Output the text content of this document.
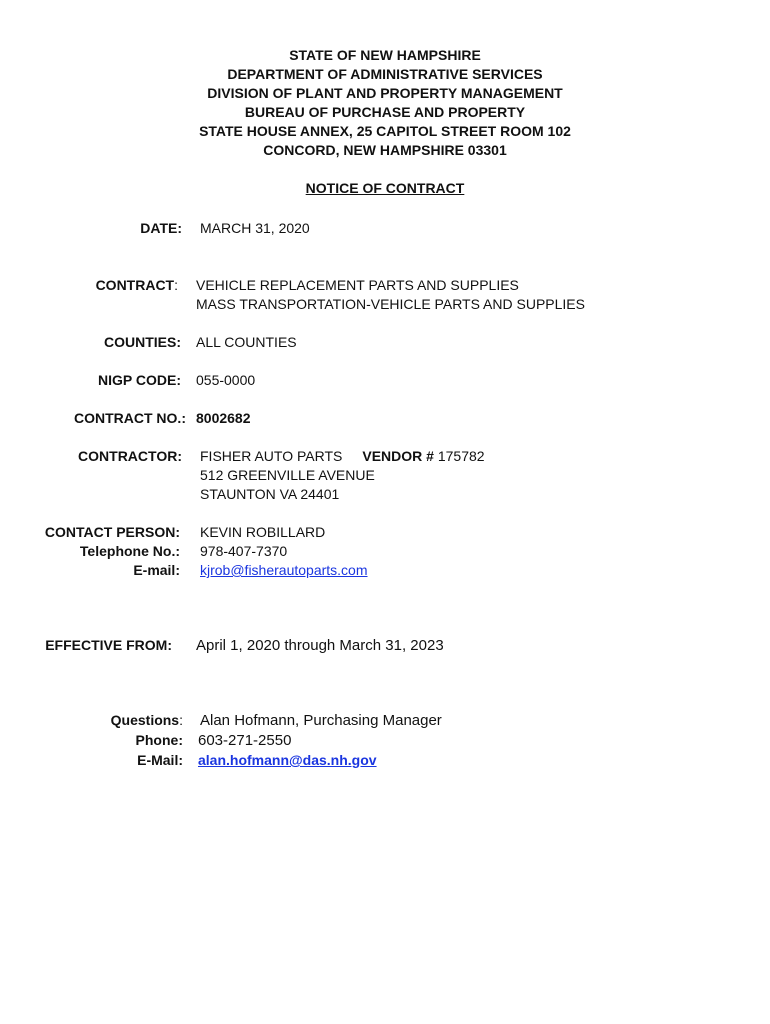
STATE OF NEW HAMPSHIRE
DEPARTMENT OF ADMINISTRATIVE SERVICES
DIVISION OF PLANT AND PROPERTY MANAGEMENT
BUREAU OF PURCHASE AND PROPERTY
STATE HOUSE ANNEX, 25 CAPITOL STREET ROOM 102
CONCORD, NEW HAMPSHIRE 03301
NOTICE OF CONTRACT
DATE: MARCH 31, 2020
CONTRACT: VEHICLE REPLACEMENT PARTS AND SUPPLIES
MASS TRANSPORTATION-VEHICLE PARTS AND SUPPLIES
COUNTIES: ALL COUNTIES
NIGP CODE: 055-0000
CONTRACT NO.: 8002682
CONTRACTOR: FISHER AUTO PARTS VENDOR # 175782
512 GREENVILLE AVENUE
STAUNTON VA 24401
CONTACT PERSON: KEVIN ROBILLARD
Telephone No.: 978-407-7370
E-mail: kjrob@fisherautoparts.com
EFFECTIVE FROM: April 1, 2020 through March 31, 2023
Questions: Alan Hofmann, Purchasing Manager
Phone: 603-271-2550
E-Mail: alan.hofmann@das.nh.gov
